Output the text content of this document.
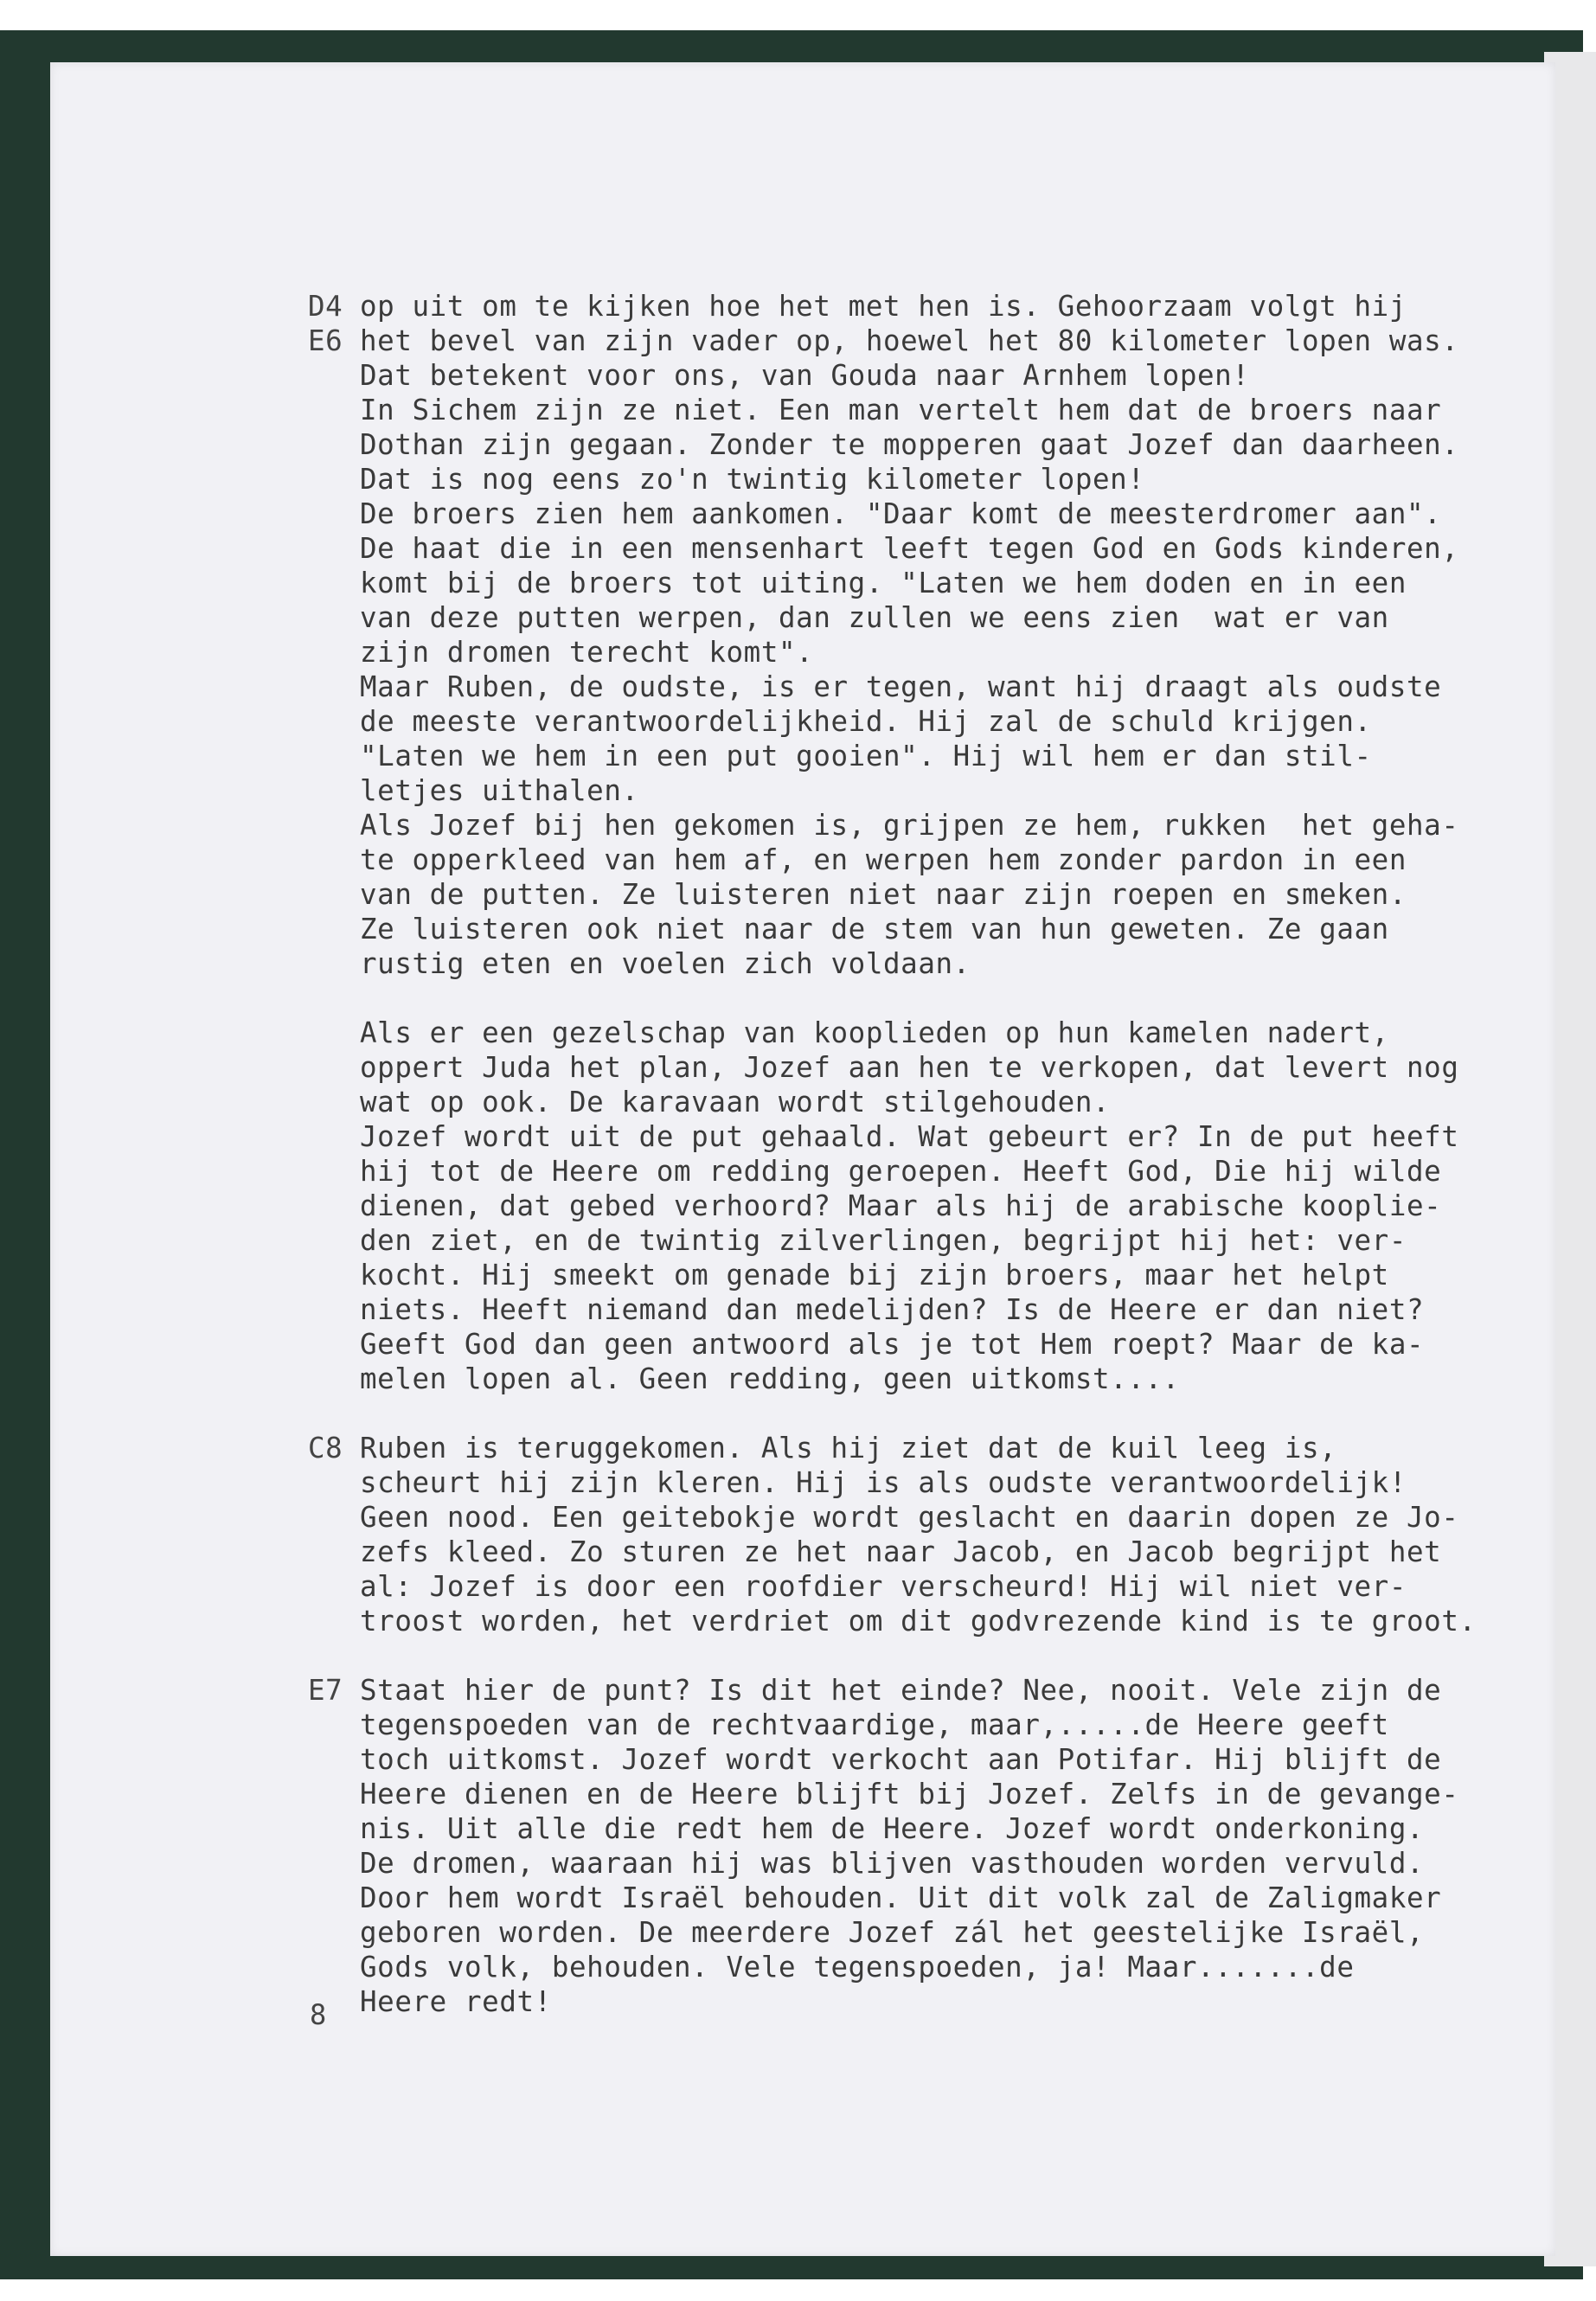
D4 op uit om te kijken hoe het met hen is. Gehoorzaam volgt hij
E6 het bevel van zijn vader op, hoewel het 80 kilometer lopen was.
Dat betekent voor ons, van Gouda naar Arnhem lopen!
In Sichem zijn ze niet. Een man vertelt hem dat de broers naar
Dothan zijn gegaan. Zonder te mopperen gaat Jozef dan daarheen.
Dat is nog eens zo'n twintig kilometer lopen!
De broers zien hem aankomen. "Daar komt de meesterdromer aan".
De haat die in een mensenhart leeft tegen God en Gods kinderen,
komt bij de broers tot uiting. "Laten we hem doden en in een
van deze putten werpen, dan zullen we eens zien  wat er van
zijn dromen terecht komt".
Maar Ruben, de oudste, is er tegen, want hij draagt als oudste
de meeste verantwoordelijkheid. Hij zal de schuld krijgen.
"Laten we hem in een put gooien". Hij wil hem er dan stil-
letjes uithalen.
Als Jozef bij hen gekomen is, grijpen ze hem, rukken  het geha-
te opperkleed van hem af, en werpen hem zonder pardon in een
van de putten. Ze luisteren niet naar zijn roepen en smeken.
Ze luisteren ook niet naar de stem van hun geweten. Ze gaan
rustig eten en voelen zich voldaan.
Als er een gezelschap van kooplieden op hun kamelen nadert,
oppert Juda het plan, Jozef aan hen te verkopen, dat levert nog
wat op ook. De karavaan wordt stilgehouden.
Jozef wordt uit de put gehaald. Wat gebeurt er? In de put heeft
hij tot de Heere om redding geroepen. Heeft God, Die hij wilde
dienen, dat gebed verhoord? Maar als hij de arabische kooplie-
den ziet, en de twintig zilverlingen, begrijpt hij het: ver-
kocht. Hij smeekt om genade bij zijn broers, maar het helpt
niets. Heeft niemand dan medelijden? Is de Heere er dan niet?
Geeft God dan geen antwoord als je tot Hem roept? Maar de ka-
melen lopen al. Geen redding, geen uitkomst....
C8 Ruben is teruggekomen. Als hij ziet dat de kuil leeg is,
scheurt hij zijn kleren. Hij is als oudste verantwoordelijk!
Geen nood. Een geitebokje wordt geslacht en daarin dopen ze Jo-
zefs kleed. Zo sturen ze het naar Jacob, en Jacob begrijpt het
al: Jozef is door een roofdier verscheurd! Hij wil niet ver-
troost worden, het verdriet om dit godvrezende kind is te groot.
E7 Staat hier de punt? Is dit het einde? Nee, nooit. Vele zijn de
tegenspoeden van de rechtvaardige, maar,.....de Heere geeft
toch uitkomst. Jozef wordt verkocht aan Potifar. Hij blijft de
Heere dienen en de Heere blijft bij Jozef. Zelfs in de gevange-
nis. Uit alle die redt hem de Heere. Jozef wordt onderkoning.
De dromen, waaraan hij was blijven vasthouden worden vervuld.
Door hem wordt Israël behouden. Uit dit volk zal de Zaligmaker
geboren worden. De meerdere Jozef zál het geestelijke Israël,
Gods volk, behouden. Vele tegenspoeden, ja! Maar.......de
Heere redt!
8
